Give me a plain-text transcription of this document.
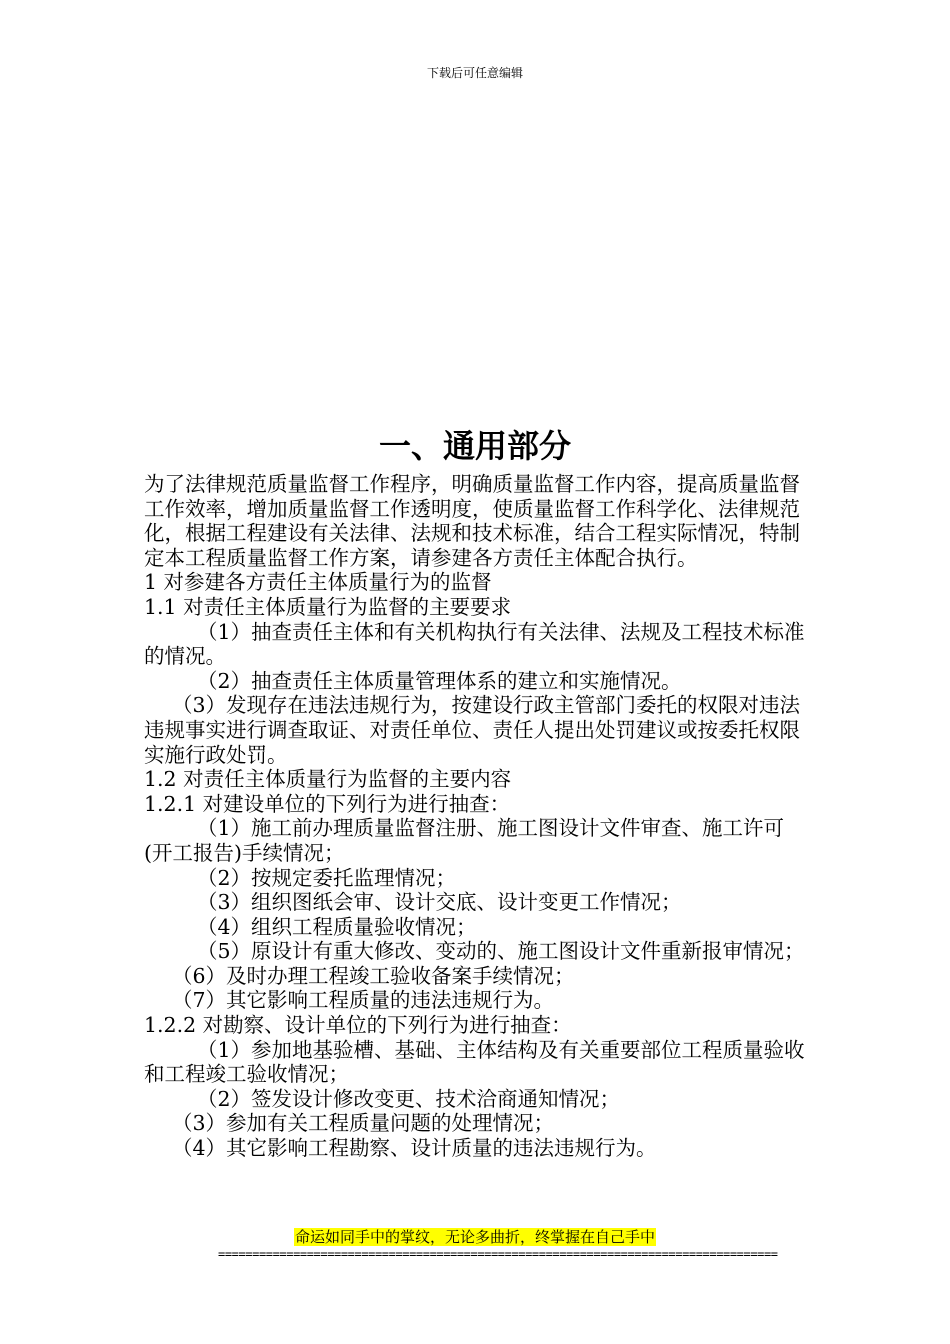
下载后可任意编辑
一、通用部分

为了法律规范质量监督工作程序，明确质量监督工作内容，提高质量监督工作效率，增加质量监督工作透明度，使质量监督工作科学化、法律规范化，根据工程建设有关法律、法规和技术标准，结合工程实际情况，特制定本工程质量监督工作方案，请参建各方责任主体配合执行。

1 对参建各方责任主体质量行为的监督

1.1 对责任主体质量行为监督的主要要求

（1）抽查责任主体和有关机构执行有关法律、法规及工程技术标准的情况。

（2）抽查责任主体质量管理体系的建立和实施情况。

（3）发现存在违法违规行为，按建设行政主管部门委托的权限对违法违规事实进行调查取证、对责任单位、责任人提出处罚建议或按委托权限实施行政处罚。

1.2 对责任主体质量行为监督的主要内容

1.2.1 对建设单位的下列行为进行抽查：

（1）施工前办理质量监督注册、施工图设计文件审查、施工许可(开工报告)手续情况；

（2）按规定委托监理情况；

（3）组织图纸会审、设计交底、设计变更工作情况；

（4）组织工程质量验收情况；

（5）原设计有重大修改、变动的、施工图设计文件重新报审情况；

（6）及时办理工程竣工验收备案手续情况；

（7）其它影响工程质量的违法违规行为。

1.2.2 对勘察、设计单位的下列行为进行抽查：

（1）参加地基验槽、基础、主体结构及有关重要部位工程质量验收和工程竣工验收情况；

（2）签发设计修改变更、技术洽商通知情况；

（3）参加有关工程质量问题的处理情况；

（4）其它影响工程勘察、设计质量的违法违规行为。

命运如同手中的掌纹，无论多曲折，终掌握在自己手中
==================================================================================
